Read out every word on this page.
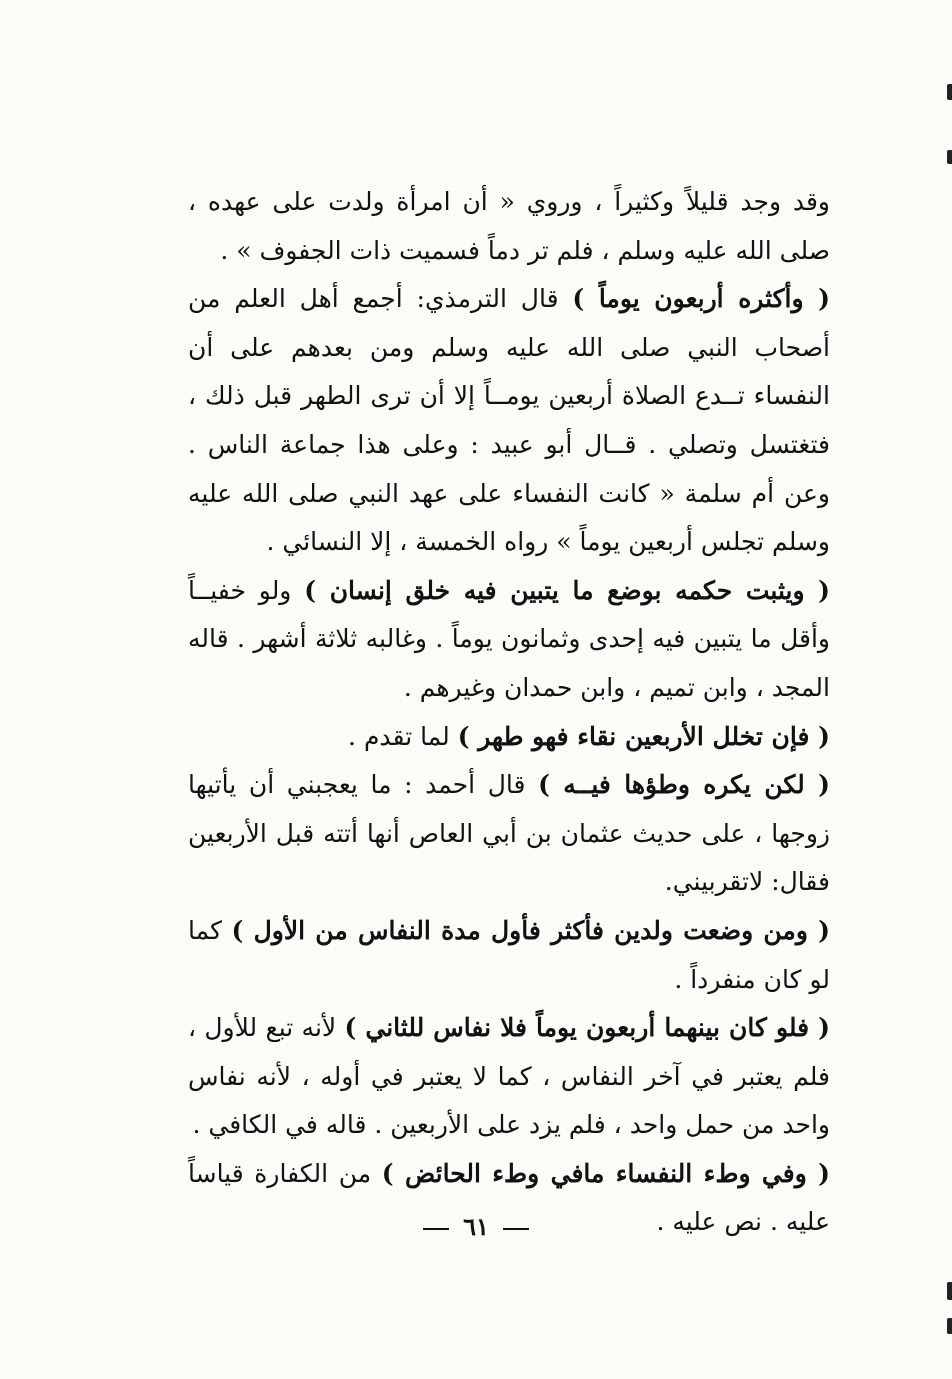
وقد وجد قليلاً وكثيراً ، وروي « أن امرأة ولدت على عهده ، صلى الله عليه وسلم ، فلم تر دماً فسميت ذات الجفوف » .

( وأكثره أربعون يوماً ) قال الترمذي: أجمع أهل العلم من أصحاب النبي صلى الله عليه وسلم ومن بعدهم على أن النفساء تــدع الصلاة أربعين يومــاً إلا أن ترى الطهر قبل ذلك ، فتغتسل وتصلي . قــال أبو عبيد : وعلى هذا جماعة الناس . وعن أم سلمة « كانت النفساء على عهد النبي صلى الله عليه وسلم تجلس أربعين يوماً » رواه الخمسة ، إلا النسائي .

( ويثبت حكمه بوضع ما يتبين فيه خلق إنسان ) ولو خفيــاً وأقل ما يتبين فيه إحدى وثمانون يوماً . وغالبه ثلاثة أشهر . قاله المجد ، وابن تميم ، وابن حمدان وغيرهم .

( فإن تخلل الأربعين نقاء فهو طهر ) لما تقدم .

( لكن يكره وطؤها فيــه ) قال أحمد : ما يعجبني أن يأتيها زوجها ، على حديث عثمان بن أبي العاص أنها أتته قبل الأربعين فقال: لاتقربيني.

( ومن وضعت ولدين فأكثر فأول مدة النفاس من الأول ) كما لو كان منفرداً .

( فلو كان بينهما أربعون يوماً فلا نفاس للثاني ) لأنه تبع للأول ، فلم يعتبر في آخر النفاس ، كما لا يعتبر في أوله ، لأنه نفاس واحد من حمل واحد ، فلم يزد على الأربعين . قاله في الكافي .

( وفي وطء النفساء مافي وطء الحائض ) من الكفارة قياساً عليه . نص عليه .

٦١
